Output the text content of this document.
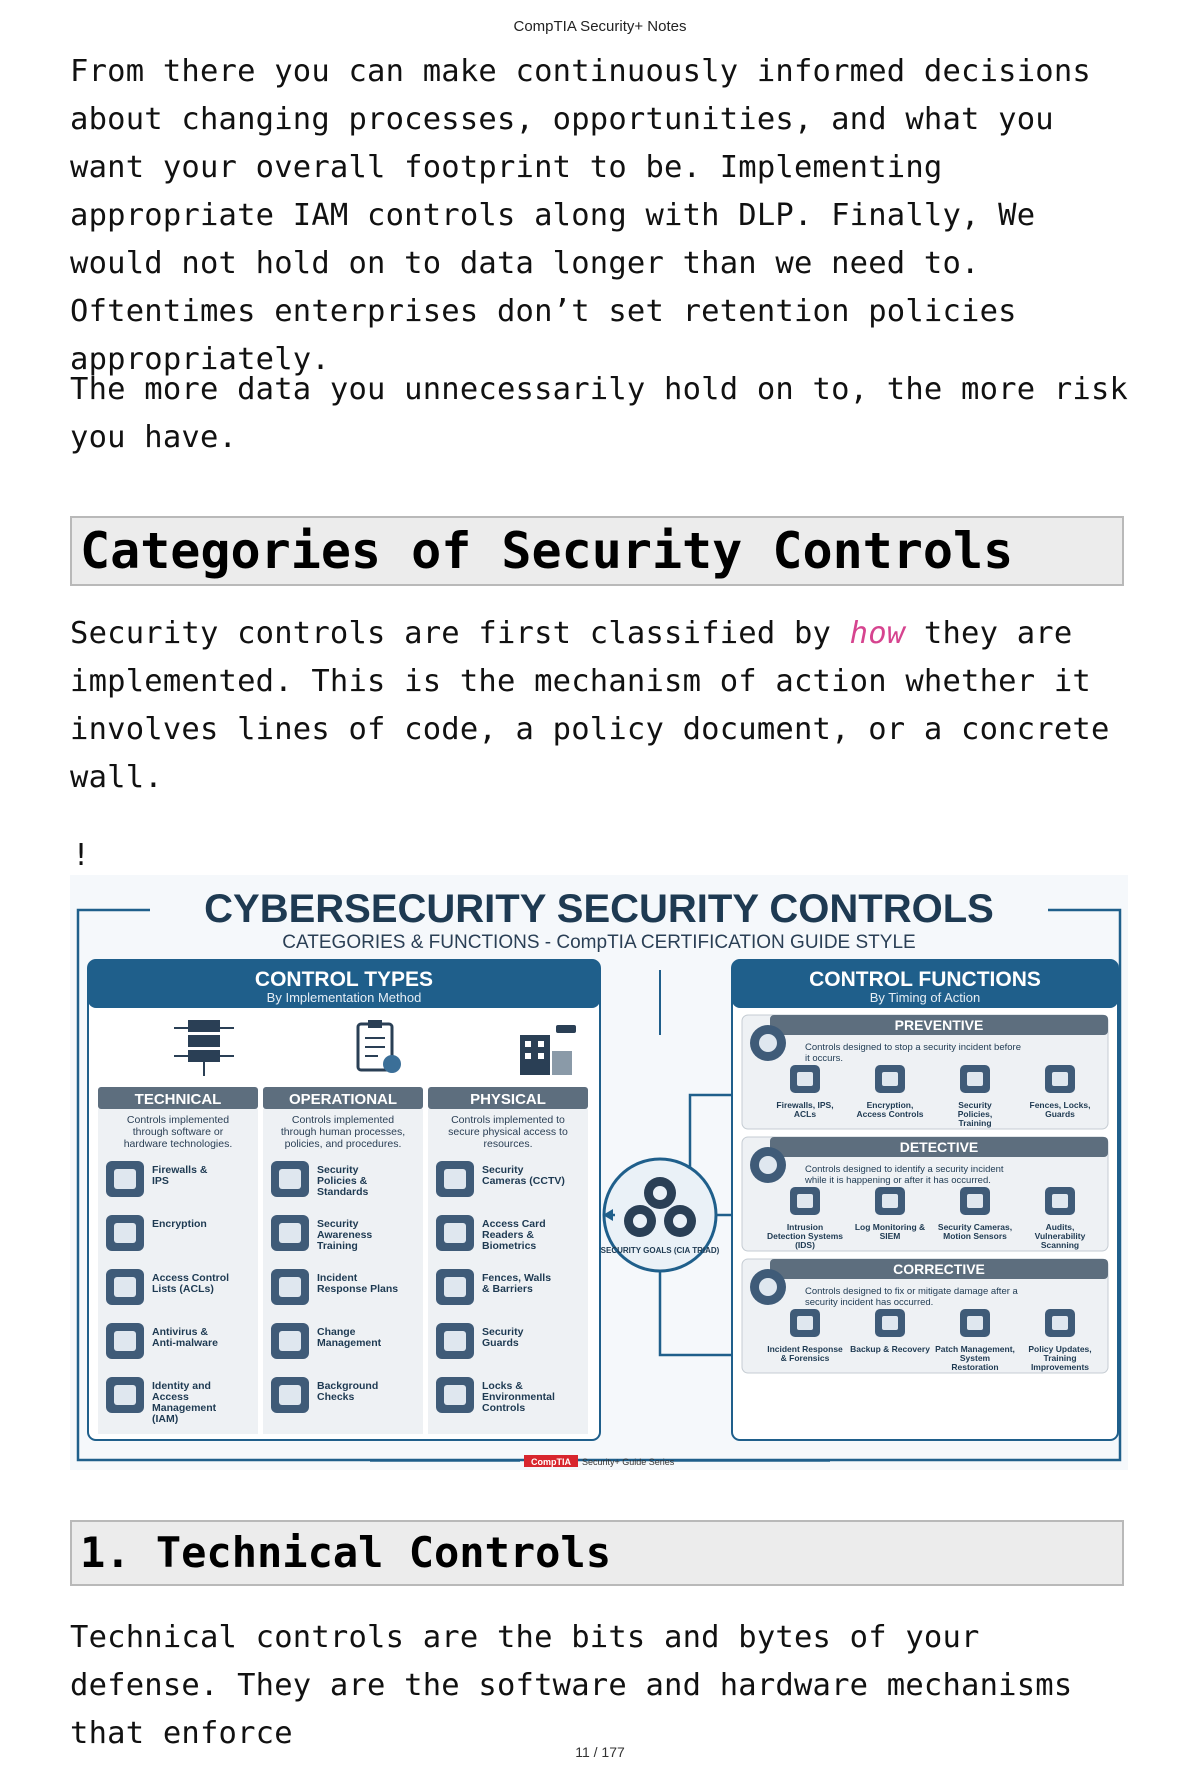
CompTIA Security+ Notes

From there you can make continuously informed decisions about changing processes, opportunities, and what you want your overall footprint to be. Implementing appropriate IAM controls along with DLP. Finally, We would not hold on to data longer than we need to. Oftentimes enterprises don’t set retention policies appropriately.

The more data you unnecessarily hold on to, the more risk you have.

Categories of Security Controls

Security controls are first classified by how they are implemented. This is the mechanism of action whether it involves lines of code, a policy document, or a concrete wall.

!
CYBERSECURITY SECURITY CONTROLS
CATEGORIES & FUNCTIONS - CompTIA CERTIFICATION GUIDE STYLE
CONTROL TYPES
By Implementation Method
TECHNICAL	OPERATIONAL	PHYSICAL
Controls implemented through software or hardware technologies.
Controls implemented through human processes, policies, and procedures.
Controls implemented to secure physical access to resources.
Firewalls & IPS
Encryption
Access Control Lists (ACLs)
Antivirus & Anti-malware
Identity and Access Management (IAM)
Security Policies & Standards
Security Awareness Training
Incident Response Plans
Change Management
Background Checks
Security Cameras (CCTV)
Access Card Readers & Biometrics
Fences, Walls & Barriers
Security Guards
Locks & Environmental Controls
SECURITY GOALS (CIA TRIAD)
CONTROL FUNCTIONS
By Timing of Action
PREVENTIVE
Controls designed to stop a security incident before it occurs.
Firewalls, IPS, ACLs
Encryption, Access Controls
Security Policies, Training
Fences, Locks, Guards
DETECTIVE
Controls designed to identify a security incident while it is happening or after it has occurred.
Intrusion Detection Systems (IDS)
Log Monitoring & SIEM
Security Cameras, Motion Sensors
Audits, Vulnerability Scanning
CORRECTIVE
Controls designed to fix or mitigate damage after a security incident has occurred.
Incident Response & Forensics
Backup & Recovery Patch Management, System Restoration
Policy Updates, Training Improvements
CompTIA Security+ Guide Series
1. Technical Controls

Technical controls are the bits and bytes of your defense. They are the software and hardware mechanisms that enforce

11 / 177
